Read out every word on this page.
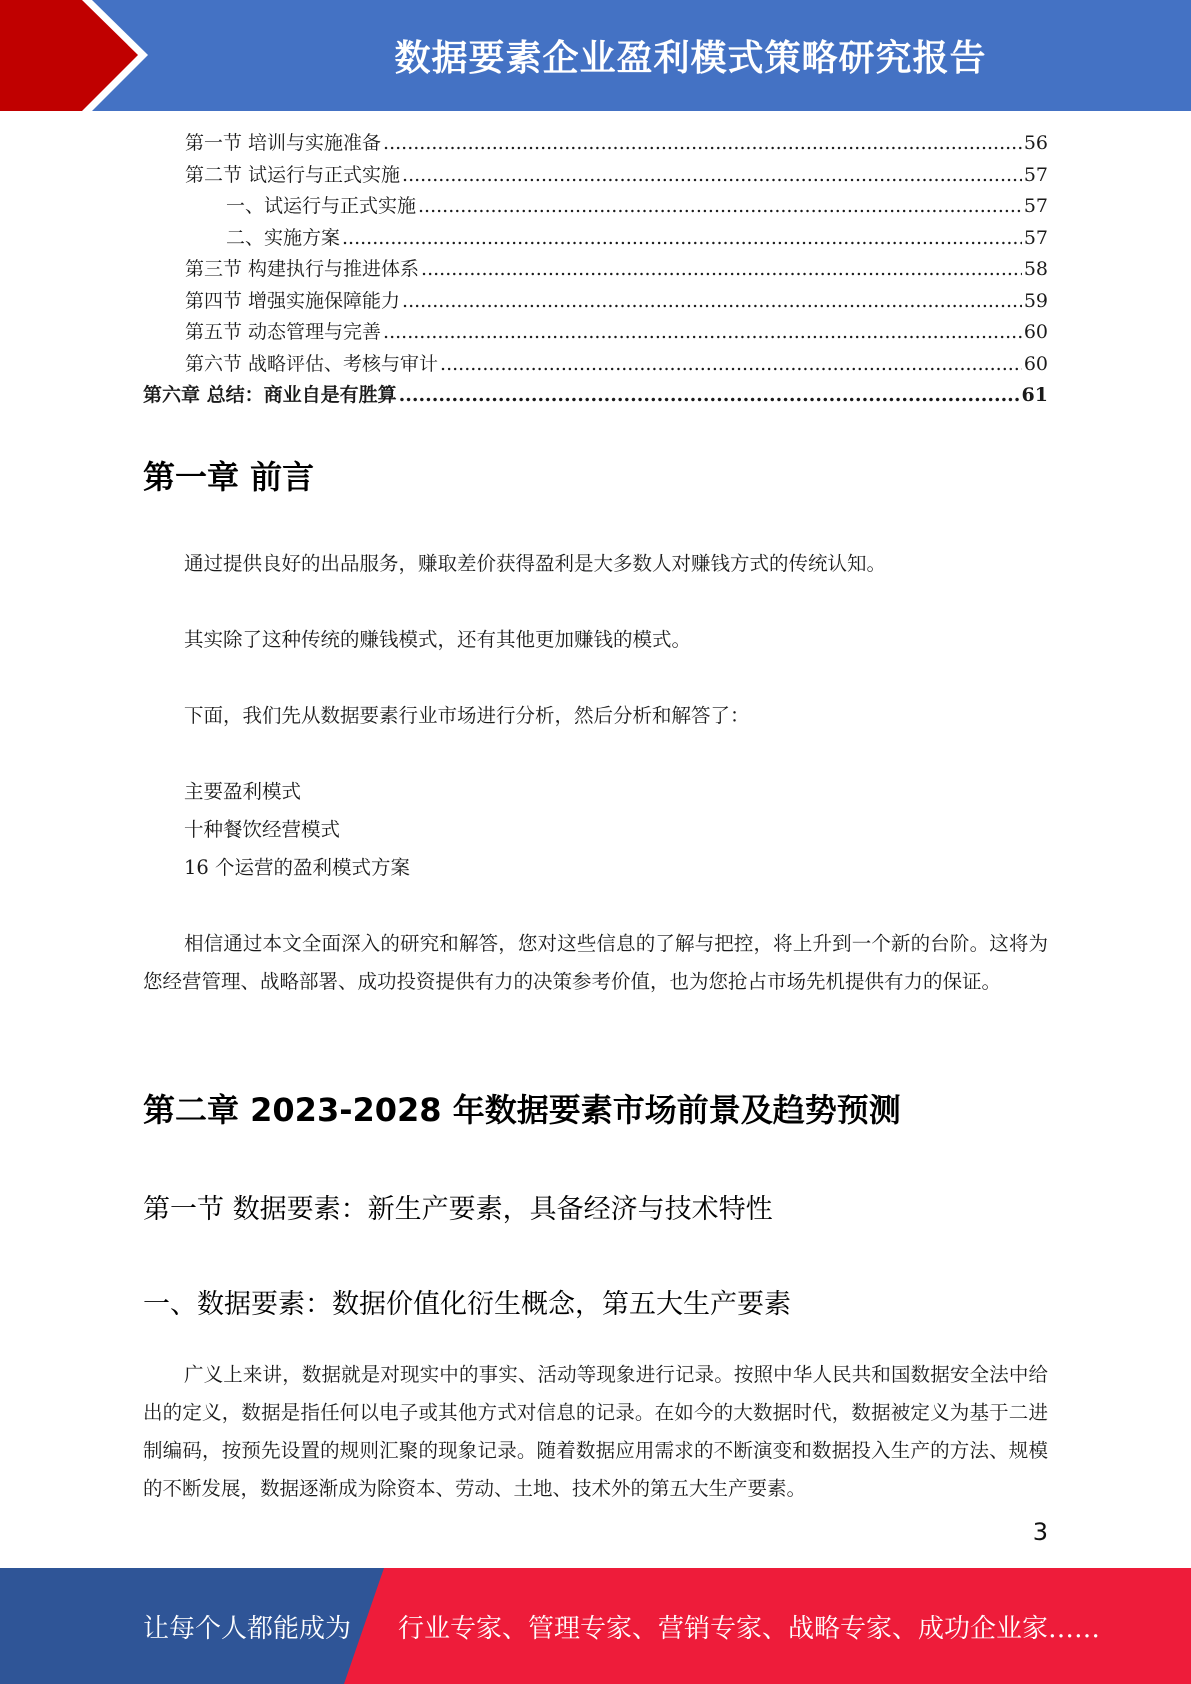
数据要素企业盈利模式策略研究报告
第一节 培训与实施准备 .....	56
第二节 试运行与正式实施 .....	57
一、试运行与正式实施 .....	57
二、实施方案 .....	57
第三节 构建执行与推进体系 .....	58
第四节 增强实施保障能力 .....	59
第五节 动态管理与完善 .....	60
第六节 战略评估、考核与审计 .....	60
第六章 总结：商业自是有胜算 .....	61
第一章 前言
通过提供良好的出品服务，赚取差价获得盈利是大多数人对赚钱方式的传统认知。
其实除了这种传统的赚钱模式，还有其他更加赚钱的模式。
下面，我们先从数据要素行业市场进行分析，然后分析和解答了：
主要盈利模式
十种餐饮经营模式
16 个运营的盈利模式方案
相信通过本文全面深入的研究和解答，您对这些信息的了解与把控，将上升到一个新的台阶。这将为您经营管理、战略部署、成功投资提供有力的决策参考价值，也为您抢占市场先机提供有力的保证。
第二章 2023-2028 年数据要素市场前景及趋势预测
第一节 数据要素：新生产要素，具备经济与技术特性
一、数据要素：数据价值化衍生概念，第五大生产要素
广义上来讲，数据就是对现实中的事实、活动等现象进行记录。按照中华人民共和国数据安全法中给出的定义，数据是指任何以电子或其他方式对信息的记录。在如今的大数据时代，数据被定义为基于二进制编码，按预先设置的规则汇聚的现象记录。随着数据应用需求的不断演变和数据投入生产的方法、规模的不断发展，数据逐渐成为除资本、劳动、土地、技术外的第五大生产要素。
3
让每个人都能成为 行业专家、管理专家、营销专家、战略专家、成功企业家……
